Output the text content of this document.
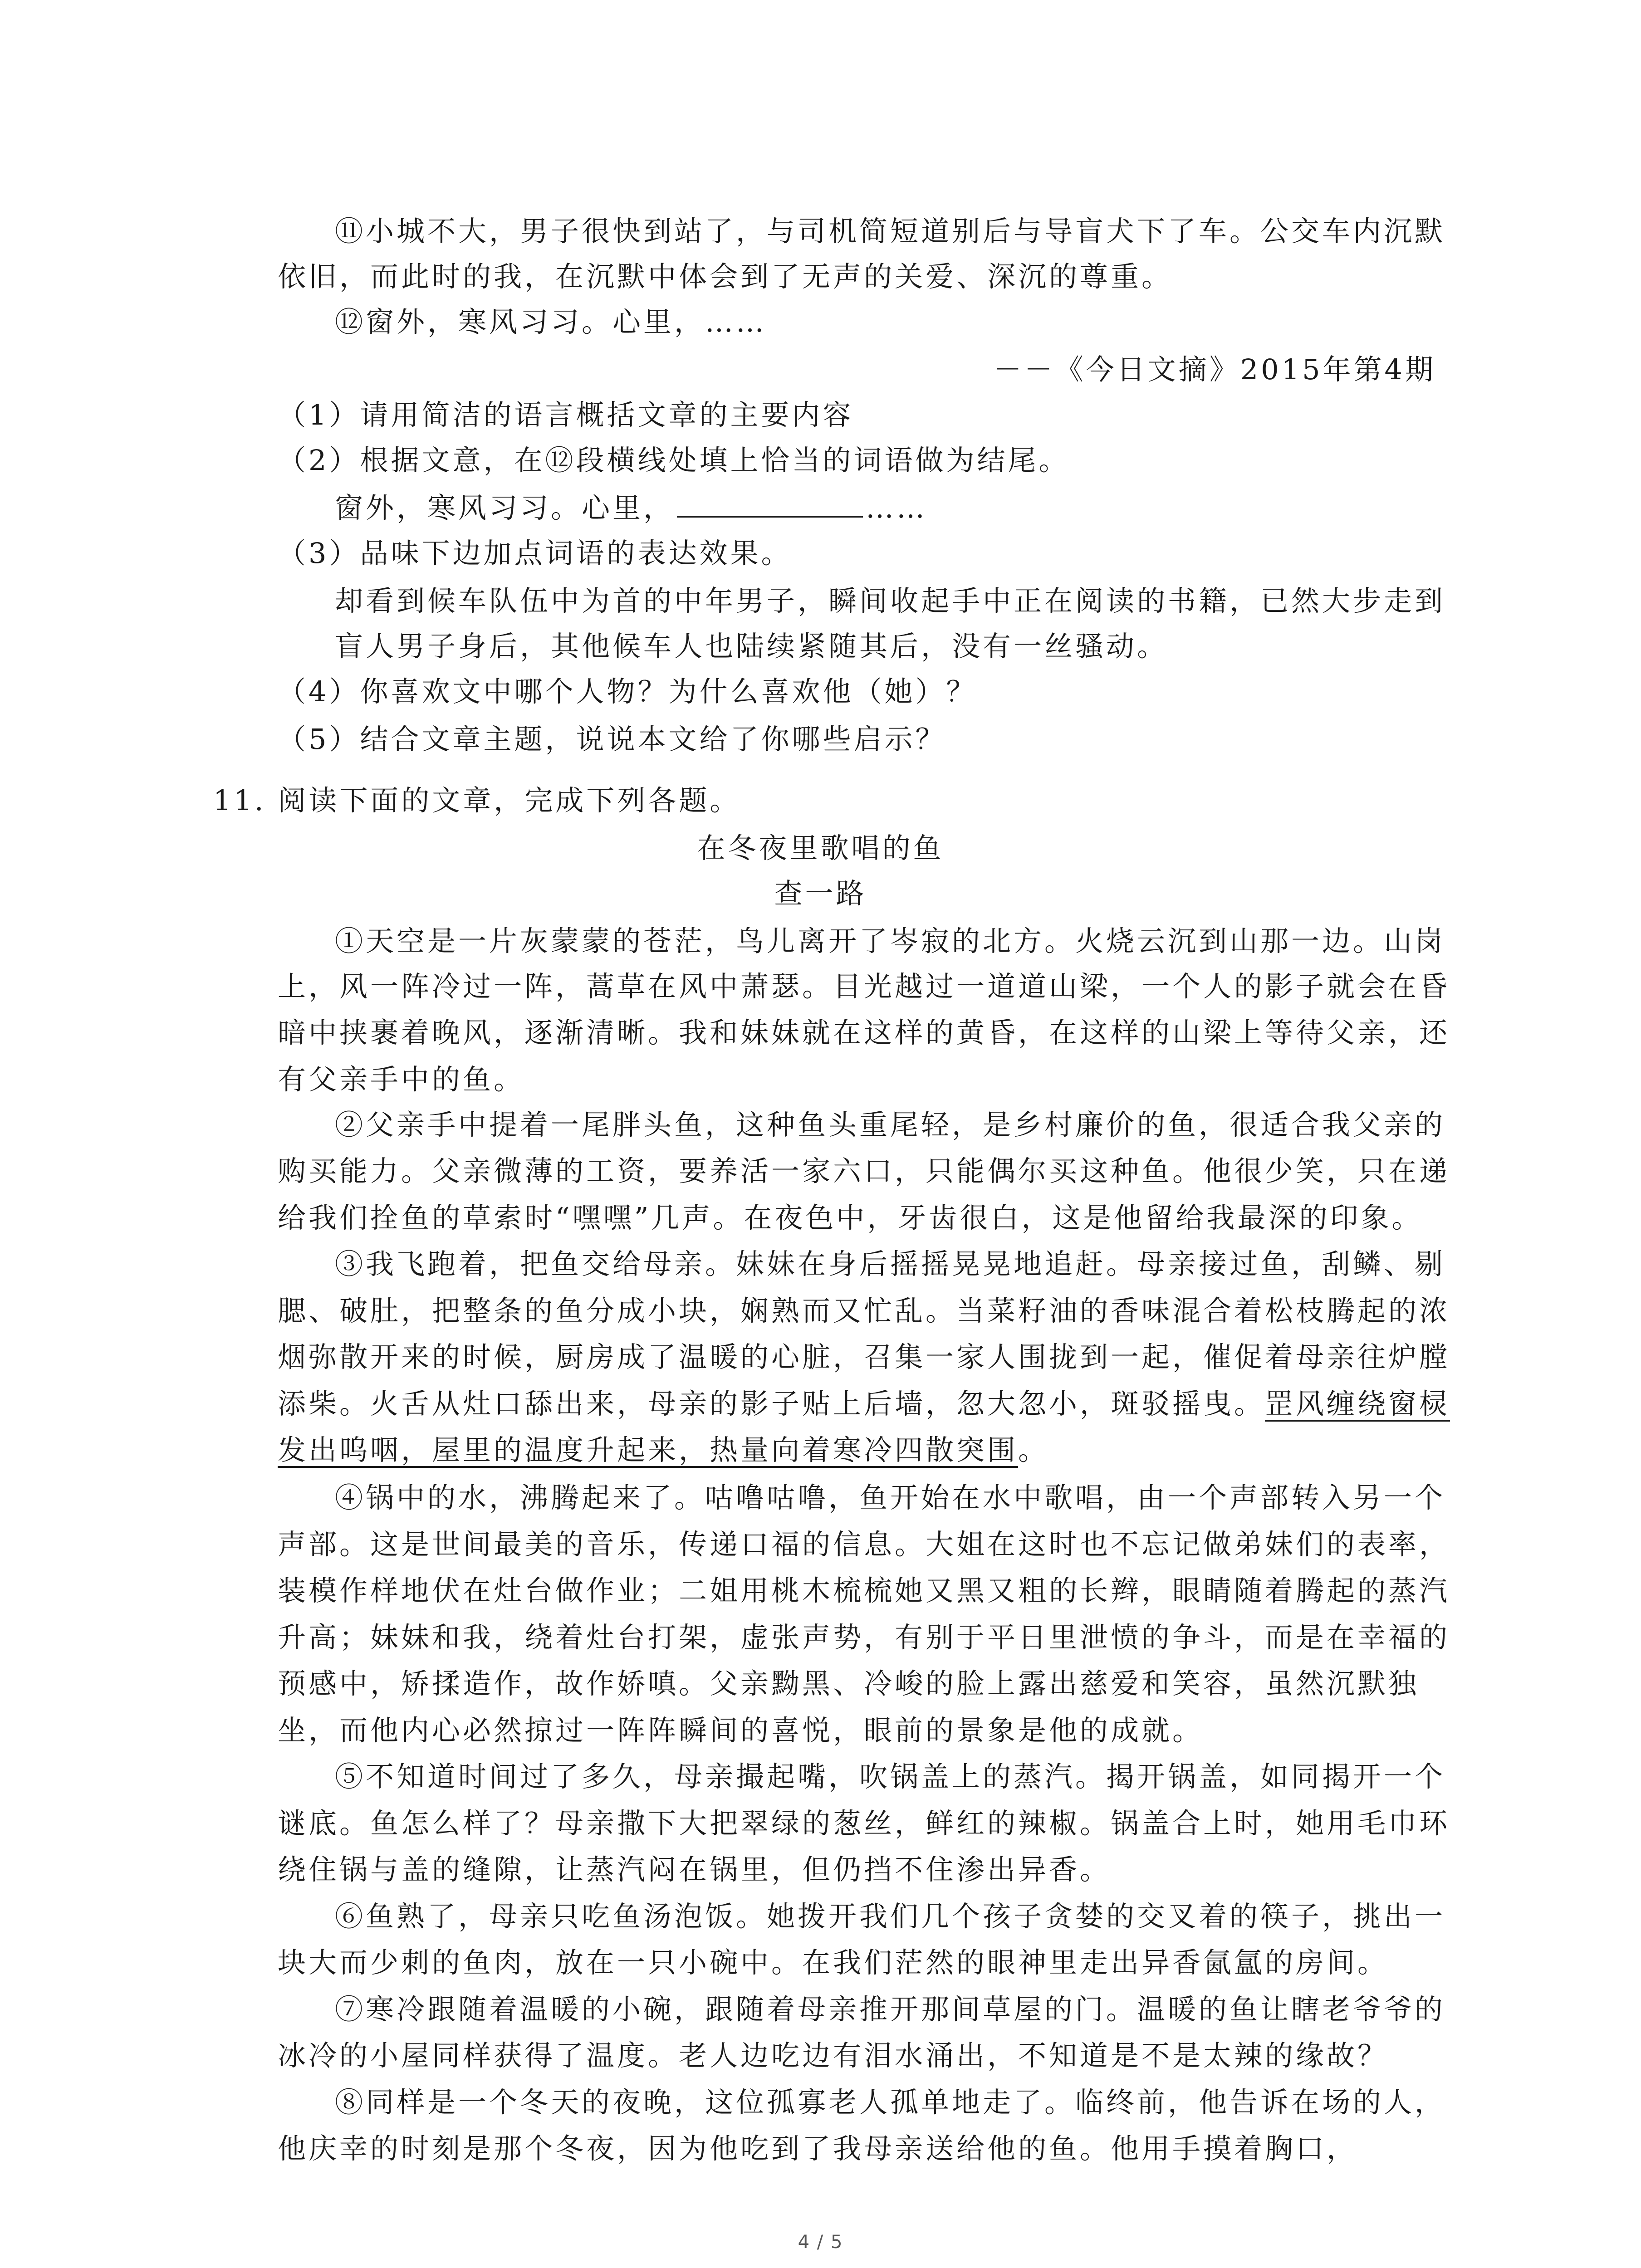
⑪小城不大，男子很快到站了，与司机简短道别后与导盲犬下了车。公交车内沉默
依旧，而此时的我，在沉默中体会到了无声的关爱、深沉的尊重。
⑫窗外，寒风习习。心里，……
－－《今日文摘》2015年第4期
（1）请用简洁的语言概括文章的主要内容
（2）根据文意，在⑫段横线处填上恰当的词语做为结尾。
窗外，寒风习习。心里，	……
（3）品味下边加点词语的表达效果。
却看到候车队伍中为首的中年男子，瞬间收起手中正在阅读的书籍，已然大步走到
盲人男子身后，其他候车人也陆续紧随其后，没有一丝骚动。
（4）你喜欢文中哪个人物？为什么喜欢他（她）？
（5）结合文章主题，说说本文给了你哪些启示？
11. 阅读下面的文章，完成下列各题。
在冬夜里歌唱的鱼
查一路
①天空是一片灰蒙蒙的苍茫，鸟儿离开了岑寂的北方。火烧云沉到山那一边。山岗
上，风一阵冷过一阵，蒿草在风中萧瑟。目光越过一道道山梁，一个人的影子就会在昏
暗中挟裹着晚风，逐渐清晰。我和妹妹就在这样的黄昏，在这样的山梁上等待父亲，还
有父亲手中的鱼。
②父亲手中提着一尾胖头鱼，这种鱼头重尾轻，是乡村廉价的鱼，很适合我父亲的
购买能力。父亲微薄的工资，要养活一家六口，只能偶尔买这种鱼。他很少笑，只在递
给我们拴鱼的草索时“嘿嘿”几声。在夜色中，牙齿很白，这是他留给我最深的印象。
③我飞跑着，把鱼交给母亲。妹妹在身后摇摇晃晃地追赶。母亲接过鱼，刮鳞、剔
腮、破肚，把整条的鱼分成小块，娴熟而又忙乱。当菜籽油的香味混合着松枝腾起的浓
烟弥散开来的时候，厨房成了温暖的心脏，召集一家人围拢到一起，催促着母亲往炉膛
添柴。火舌从灶口舔出来，母亲的影子贴上后墙，忽大忽小，斑驳摇曳。罡风缠绕窗棂
发出呜咽，屋里的温度升起来，热量向着寒冷四散突围。
④锅中的水，沸腾起来了。咕噜咕噜，鱼开始在水中歌唱，由一个声部转入另一个
声部。这是世间最美的音乐，传递口福的信息。大姐在这时也不忘记做弟妹们的表率，
装模作样地伏在灶台做作业；二姐用桃木梳梳她又黑又粗的长辫，眼睛随着腾起的蒸汽
升高；妹妹和我，绕着灶台打架，虚张声势，有别于平日里泄愤的争斗，而是在幸福的
预感中，矫揉造作，故作娇嗔。父亲黝黑、冷峻的脸上露出慈爱和笑容，虽然沉默独
坐，而他内心必然掠过一阵阵瞬间的喜悦，眼前的景象是他的成就。
⑤不知道时间过了多久，母亲撮起嘴，吹锅盖上的蒸汽。揭开锅盖，如同揭开一个
谜底。鱼怎么样了？母亲撒下大把翠绿的葱丝，鲜红的辣椒。锅盖合上时，她用毛巾环
绕住锅与盖的缝隙，让蒸汽闷在锅里，但仍挡不住渗出异香。
⑥鱼熟了，母亲只吃鱼汤泡饭。她拨开我们几个孩子贪婪的交叉着的筷子，挑出一
块大而少刺的鱼肉，放在一只小碗中。在我们茫然的眼神里走出异香氤氲的房间。
⑦寒冷跟随着温暖的小碗，跟随着母亲推开那间草屋的门。温暖的鱼让瞎老爷爷的
冰冷的小屋同样获得了温度。老人边吃边有泪水涌出，不知道是不是太辣的缘故？
⑧同样是一个冬天的夜晚，这位孤寡老人孤单地走了。临终前，他告诉在场的人，
他庆幸的时刻是那个冬夜，因为他吃到了我母亲送给他的鱼。他用手摸着胸口，
4 / 5
